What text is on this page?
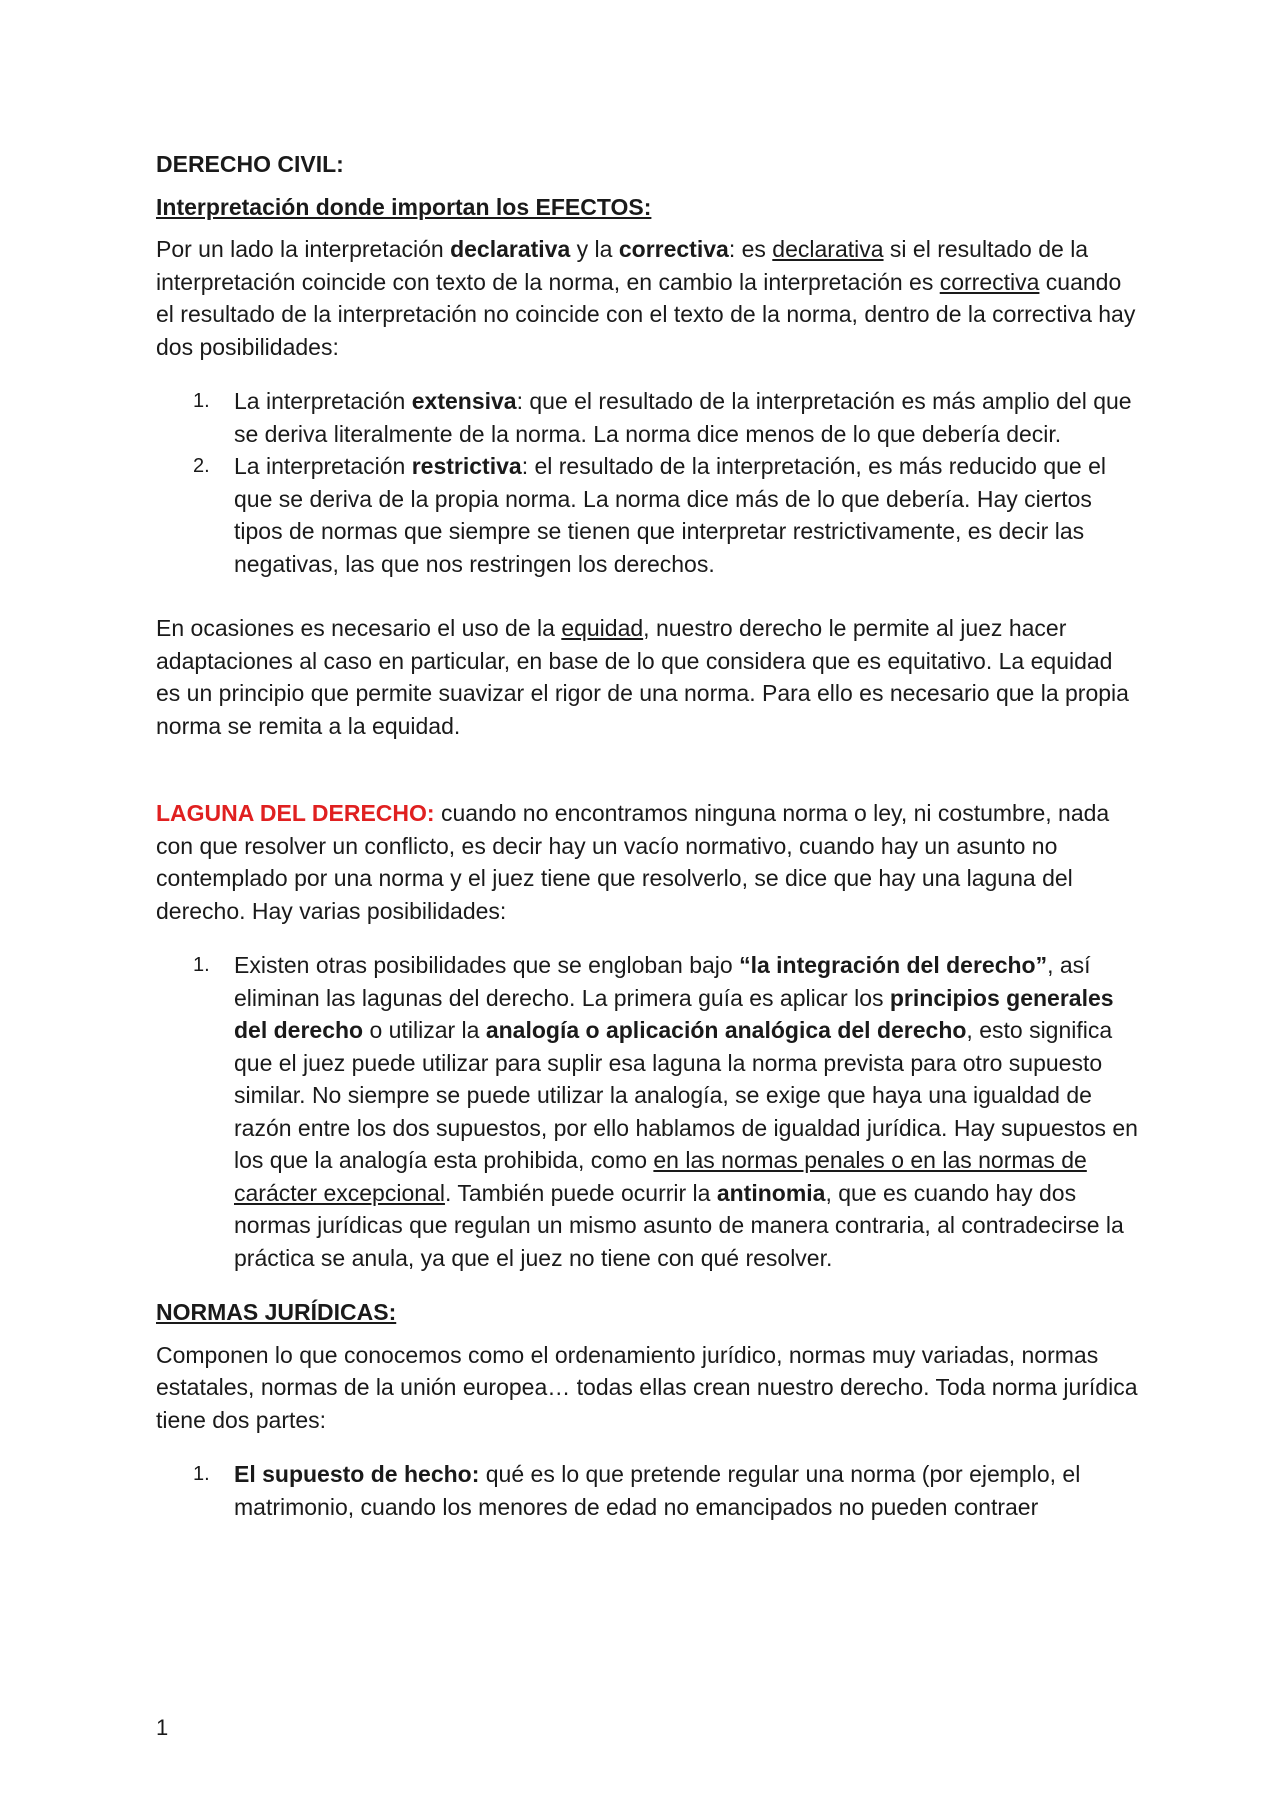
DERECHO CIVIL:

Interpretación donde importan los EFECTOS:

Por un lado la interpretación declarativa y la correctiva: es declarativa si el resultado de la interpretación coincide con texto de la norma, en cambio la interpretación es correctiva cuando el resultado de la interpretación no coincide con el texto de la norma, dentro de la correctiva hay dos posibilidades:

1. La interpretación extensiva: que el resultado de la interpretación es más amplio del que se deriva literalmente de la norma. La norma dice menos de lo que debería decir.
2. La interpretación restrictiva: el resultado de la interpretación, es más reducido que el que se deriva de la propia norma. La norma dice más de lo que debería. Hay ciertos tipos de normas que siempre se tienen que interpretar restrictivamente, es decir las negativas, las que nos restringen los derechos.

En ocasiones es necesario el uso de la equidad, nuestro derecho le permite al juez hacer adaptaciones al caso en particular, en base de lo que considera que es equitativo. La equidad es un principio que permite suavizar el rigor de una norma. Para ello es necesario que la propia norma se remita a la equidad.

LAGUNA DEL DERECHO: cuando no encontramos ninguna norma o ley, ni costumbre, nada con que resolver un conflicto, es decir hay un vacío normativo, cuando hay un asunto no contemplado por una norma y el juez tiene que resolverlo, se dice que hay una laguna del derecho. Hay varias posibilidades:

1. Existen otras posibilidades que se engloban bajo “la integración del derecho”, así eliminan las lagunas del derecho. La primera guía es aplicar los principios generales del derecho o utilizar la analogía o aplicación analógica del derecho, esto significa que el juez puede utilizar para suplir esa laguna la norma prevista para otro supuesto similar. No siempre se puede utilizar la analogía, se exige que haya una igualdad de razón entre los dos supuestos, por ello hablamos de igualdad jurídica. Hay supuestos en los que la analogía esta prohibida, como en las normas penales o en las normas de carácter excepcional. También puede ocurrir la antinomia, que es cuando hay dos normas jurídicas que regulan un mismo asunto de manera contraria, al contradecirse la práctica se anula, ya que el juez no tiene con qué resolver.

NORMAS JURÍDICAS:

Componen lo que conocemos como el ordenamiento jurídico, normas muy variadas, normas estatales, normas de la unión europea… todas ellas crean nuestro derecho. Toda norma jurídica tiene dos partes:

1. El supuesto de hecho: qué es lo que pretende regular una norma (por ejemplo, el matrimonio, cuando los menores de edad no emancipados no pueden contraer
1
